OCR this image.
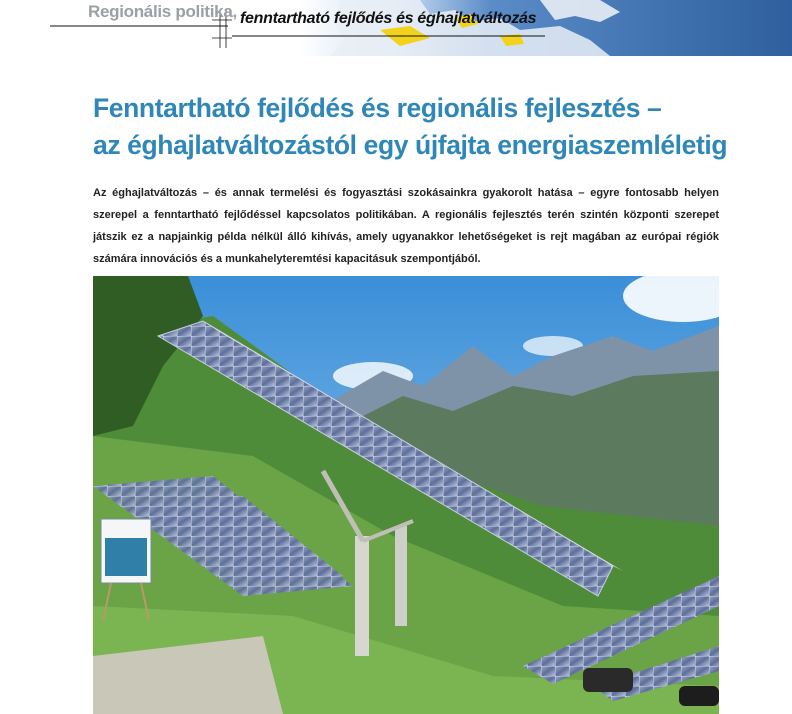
Regionális politika, fenntartható fejlődés és éghajlatváltozás
Fenntartható fejlődés és regionális fejlesztés –
az éghajlatváltozástól egy újfajta energiaszemléletig

Az éghajlatváltozás – és annak termelési és fogyasztási szokásainkra gyakorolt hatása – egyre fontosabb helyen szerepel a fenntartható fejlődéssel kapcsolatos politikában. A regionális fejlesztés terén szintén központi szerepet játszik ez a napjainkig példa nélkül álló kihívás, amely ugyanakkor lehetőségeket is rejt magában az európai régiók számára innovációs és a munkahelyteremtési kapacitásuk szempontjából.
